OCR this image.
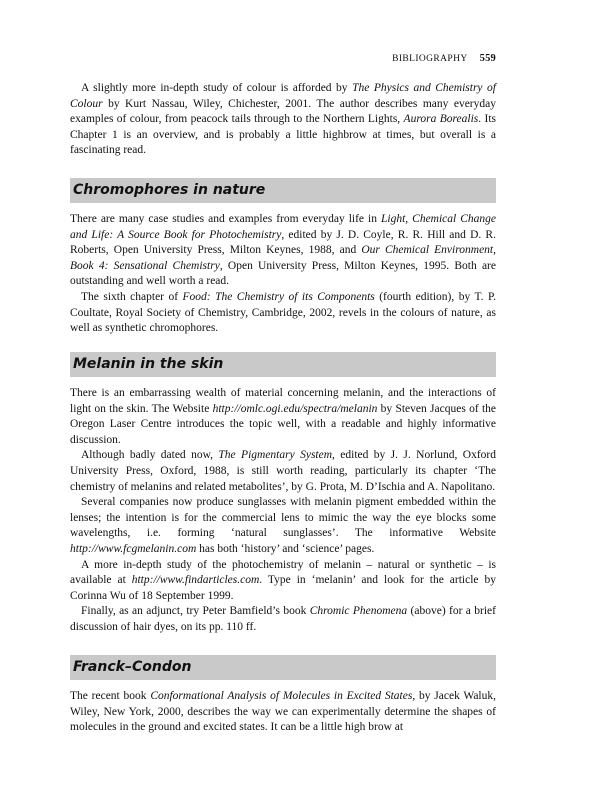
BIBLIOGRAPHY 559

A slightly more in-depth study of colour is afforded by The Physics and Chemistry of Colour by Kurt Nassau, Wiley, Chichester, 2001. The author describes many everyday examples of colour, from peacock tails through to the Northern Lights, Aurora Borealis. Its Chapter 1 is an overview, and is probably a little highbrow at times, but overall is a fascinating read.

Chromophores in nature

There are many case studies and examples from everyday life in Light, Chemical Change and Life: A Source Book for Photochemistry, edited by J. D. Coyle, R. R. Hill and D. R. Roberts, Open University Press, Milton Keynes, 1988, and Our Chemical Environment, Book 4: Sensational Chemistry, Open University Press, Milton Keynes, 1995. Both are outstanding and well worth a read.

The sixth chapter of Food: The Chemistry of its Components (fourth edition), by T. P. Coultate, Royal Society of Chemistry, Cambridge, 2002, revels in the colours of nature, as well as synthetic chromophores.

Melanin in the skin

There is an embarrassing wealth of material concerning melanin, and the interactions of light on the skin. The Website http://omlc.ogi.edu/spectra/melanin by Steven Jacques of the Oregon Laser Centre introduces the topic well, with a readable and highly informative discussion.

Although badly dated now, The Pigmentary System, edited by J. J. Norlund, Oxford University Press, Oxford, 1988, is still worth reading, particularly its chapter ‘The chemistry of melanins and related metabolites’, by G. Prota, M. D’Ischia and A. Napolitano.

Several companies now produce sunglasses with melanin pigment embedded within the lenses; the intention is for the commercial lens to mimic the way the eye blocks some wavelengths, i.e. forming ‘natural sunglasses’. The informative Website http://www.fcgmelanin.com has both ‘history’ and ‘science’ pages.

A more in-depth study of the photochemistry of melanin – natural or synthetic – is available at http://www.findarticles.com. Type in ‘melanin’ and look for the article by Corinna Wu of 18 September 1999.

Finally, as an adjunct, try Peter Bamfield’s book Chromic Phenomena (above) for a brief discussion of hair dyes, on its pp. 110 ff.

Franck–Condon

The recent book Conformational Analysis of Molecules in Excited States, by Jacek Waluk, Wiley, New York, 2000, describes the way we can experimentally determine the shapes of molecules in the ground and excited states. It can be a little high brow at
